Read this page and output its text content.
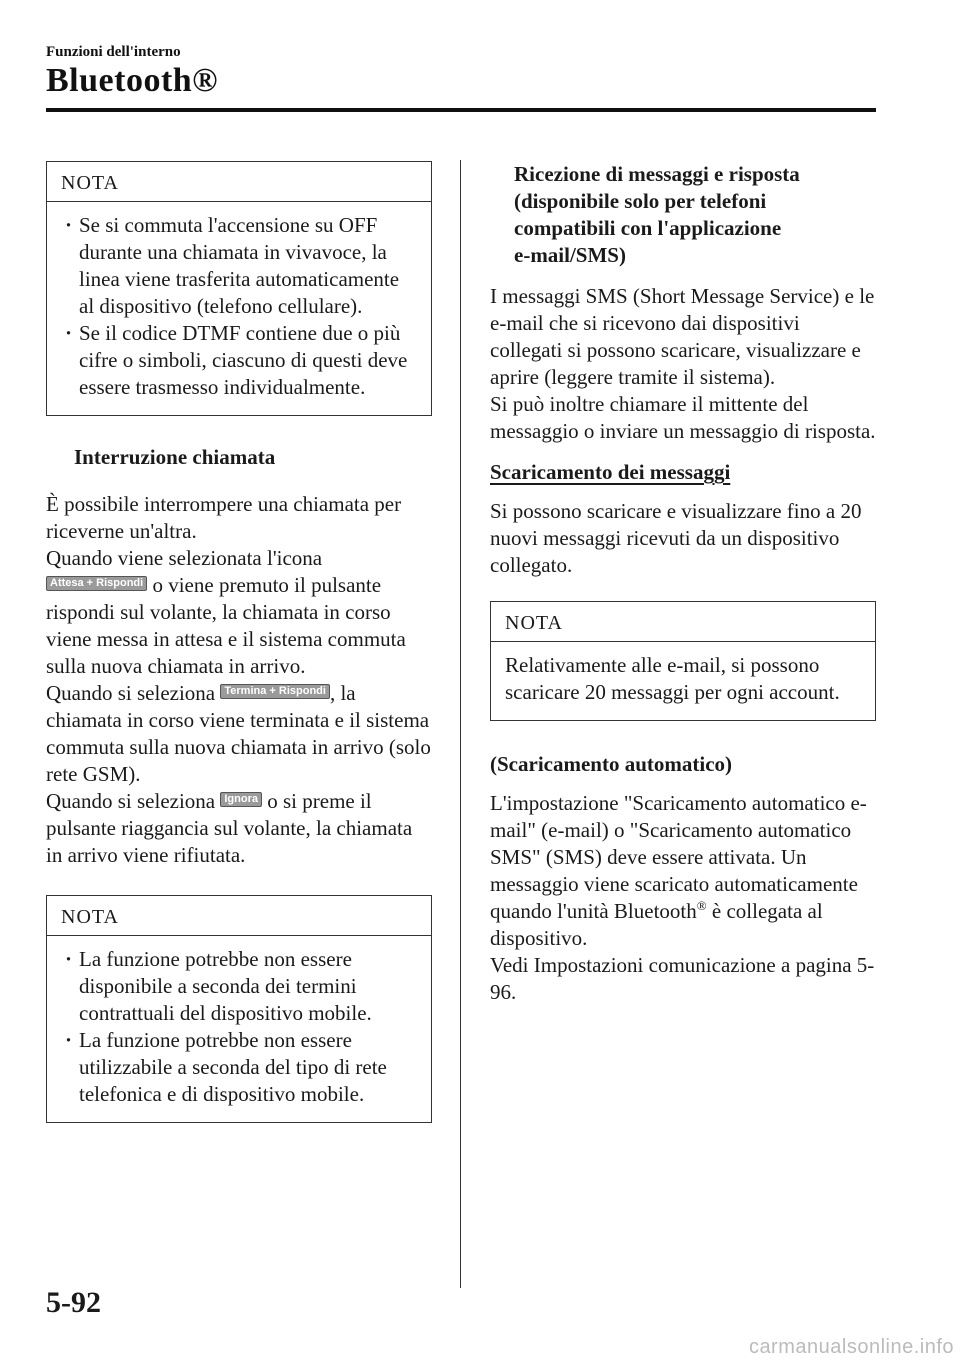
Funzioni dell'interno
Bluetooth®
NOTA
· Se si commuta l'accensione su OFF durante una chiamata in vivavoce, la linea viene trasferita automaticamente al dispositivo (telefono cellulare).
· Se il codice DTMF contiene due o più cifre o simboli, ciascuno di questi deve essere trasmesso individualmente.
Interruzione chiamata

È possibile interrompere una chiamata per riceverne un'altra.

Quando viene selezionata l'icona
Attesa + Rispondi o viene premuto il pulsante rispondi sul volante, la chiamata in corso viene messa in attesa e il sistema commuta sulla nuova chiamata in arrivo.

Quando si seleziona Termina + Rispondi , la chiamata in corso viene terminata e il sistema commuta sulla nuova chiamata in arrivo (solo rete GSM).

Quando si seleziona Ignora o si preme il pulsante riaggancia sul volante, la chiamata in arrivo viene rifiutata.

NOTA
· La funzione potrebbe non essere disponibile a seconda dei termini contrattuali del dispositivo mobile.
· La funzione potrebbe non essere utilizzabile a seconda del tipo di rete telefonica e di dispositivo mobile.
Ricezione di messaggi e risposta
(disponibile solo per telefoni
compatibili con l'applicazione
e-mail/SMS)

I messaggi SMS (Short Message Service) e le e-mail che si ricevono dai dispositivi collegati si possono scaricare, visualizzare e aprire (leggere tramite il sistema).

Si può inoltre chiamare il mittente del messaggio o inviare un messaggio di risposta.

Scaricamento dei messaggi

Si possono scaricare e visualizzare fino a 20 nuovi messaggi ricevuti da un dispositivo collegato.

NOTA
Relativamente alle e-mail, si possono scaricare 20 messaggi per ogni account.
(Scaricamento automatico)

L'impostazione "Scaricamento automatico e-mail" (e-mail) o "Scaricamento automatico SMS" (SMS) deve essere attivata. Un messaggio viene scaricato automaticamente quando l'unità Bluetooth® è collegata al dispositivo.

Vedi Impostazioni comunicazione a pagina 5-96.

5-92
carmanualsonline.info
